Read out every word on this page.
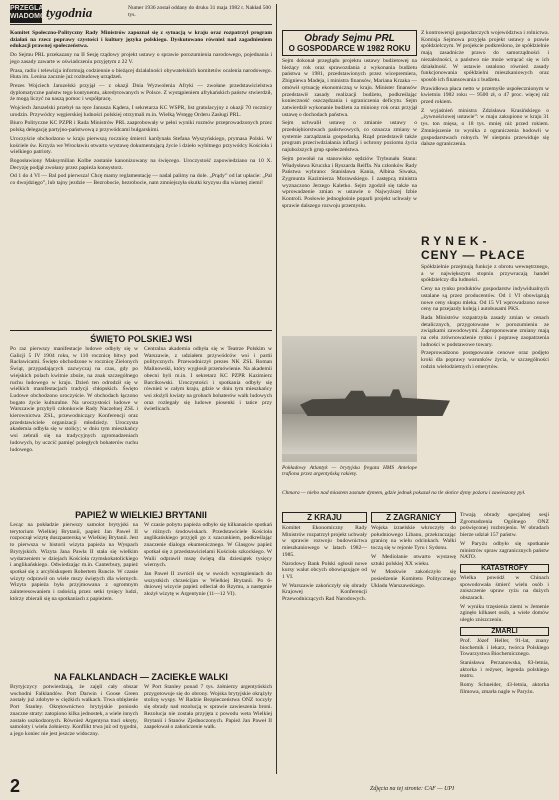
PRZEGLĄD WIADOMOŚCI
tygodnia	Numer 1936 został oddany do druku 31 maja 1982 r. Nakład 500 tys.

Komitet Społeczno-Polityczny Rady Ministrów zapoznał się z sytuacją w kraju oraz rozpatrzył program działań na rzecz poprawy czystości i kultury języka polskiego. Dyskutowano również nad zagadnieniem edukacji prawnej społeczeństwa.

Do Sejmu PRL przekazany na II Sesję rządowy projekt ustawy o sprawie porozumienia narodowego, pojednania i jego zasady zawarte w oświadczeniu przyjętym z 22 V.

Prasa, radio i telewizja informują codziennie o bieżącej działalności obywatelskich komitetów ocalenia narodowego. Huta im. Lenina zacznie już rozbudowę urządzeń.

Prezes Wojciech Jaruzelski przyjął — z okazji Dnia Wyzwolenia Afryki — zwołane przedstawicielstwa dyplomatyczne państw tego kontynentu, akredytowanych w Polsce. Z wystąpieniem afrykańskich państw stwierdził, że mogą liczyć na naszą pomoc i współpracę.

Wojciech Jaruzelski przebył na ręce Janusza Kądera, I sekretarza KC WSPR, list gratulacyjny z okazji 70 rocznicy urodzin. Przywódcy węgierskiej ludności polskiej otrzymali m.in. Wielką Wstęgę Orderu Zasługi PRL.

Biuro Polityczne KC PZPR i Rada Ministrów PRL zaaprobowały w pełni wyniki rozmów przeprowadzonych przez polską delegację partyjno-państwową z przywódcami bułgarskimi.

Uroczyście obchodzono w kraju pierwszą rocznicę śmierci kardynała Stefana Wyszyńskiego, prymasa Polski. W kościele św. Krzyża we Wrocławiu otwarto wystawę dokumentującą życie i dzieło wybitnego przywódcy Kościoła i wielkiego patrioty.

Bogosławiony Maksymilian Kolbe zostanie kanonizowany na święcego. Uroczystość zapowiedziano na 10 X. Decyzję podjął zwołany przez papieża konsystorz.

Od 1 do 4 VI — Bal pod pierwsza! Chcę mamy reglamentację — nadal palimy na dole. „Prądy” od lat upłacie: „Pal co dwojdzięgo”, lub tajny jezdzie — Bezrobocie, bezrobocie, nam zmniejszyła skutki kryzysu dla wiarnej ziemi!

ŚWIĘTO POLSKIEJ WSI

Po raz pierwszy manifestacje ludowe odbyły się w Galicji 5 IV 1904 roku, w 110 rocznicę bitwy pod Racławicami. Święto obchodzone w rocznicę Zielonych Świąt, przypadających zazwyczaj na czas, gdy po wiejskich polach kwitnie zboże, na znak szczególnego ruchu ludowego w kraju. Dzień ten odrodził się w wielkich manifestacjach tradycji chłopskich. Święto Ludowe obchodzono uroczyście. W obchodach łączono bogato życie kulturalne. Na uroczystości ludowe w Warszawie przybyli członkowie Rady Naczelnej ZSL i kierownictwa ZSL, przewodniczący Konferencji oraz przedstawiciele organizacji młodzieży. Uroczysta akademia odbyła się w stolicy; w dniu tym mieszkańcy wsi zebrali się na tradycyjnych zgromadzeniach ludowych, by uczcić pamięć poległych bohaterów ruchu ludowego.

Centralna akademia odbyła się w Teatrze Polskim w Warszawie, z udziałem przywódców wsi i partii politycznych. Przewodniczył prezes NK ZSL Roman Malinowski, który wygłosił przemówienie. Na akademii obecni byli m.in. I sekretarz KC PZPR Kazimierz Barcikowski. Uroczystości i spotkania odbyły się również w całym kraju, gdzie w dniu tym mieszkańcy wsi złożyli kwiaty na grobach bohaterów walk ludowych oraz rozlegały się ludowe piosenki i tańce przy świetlicach.

PAPIEŻ W WIELKIEJ BRYTANII

Lecąc na pokładzie pierwszy samolot brytyjski na terytorium Wielkiej Brytanii, papież Jan Paweł II rozpoczął wizytę duszpasterską w Wielkiej Brytanii. Jest to pierwsza w historii wizyta papieża na Wyspach Brytyjskich. Wizyta Jana Pawła II stała się wielkim wydarzeniem w dziejach Kościoła rzymskokatolickiego i anglikańskiego. Odwiedzając m.in. Canterbury, papież spotkał się z arcybiskupem Robertem Runcie. W czasie wizyty odprawił on wiele mszy świętych dla wiernych. Wizyta papieża była przyjmowana z ogromnym zainteresowaniem i radością przez setki tysięcy ludzi, którzy zbierali się na spotkaniach z papieżem.

W czasie pobytu papieża odbyło się kilkanaście spotkań w różnych środowiskach. Przedstawiciele Kościoła anglikańskiego przyjęli go z szacunkiem, podkreślając znaczenie dialogu ekumenicznego. W Glasgow papież spotkał się z przedstawicielami Kościoła szkockiego. W Walii odprawił mszę świętą dla dziesiątek tysięcy wiernych.

Jan Paweł II zwrócił się w swoich wystąpieniach do wszystkich chrześcijan w Wielkiej Brytanii. Po 6-dniowej wizycie papież odleciał do Rzymu, a następnie złożył wizytę w Argentynie (11—12 VI).

NA FALKLANDACH — ZACIEKŁE WALKI

Brytyjczycy potwierdzają, że zajęli cały obszar wschodni Falklandów. Port Darwin i Goose Green zostały już zdobyte w ciężkich walkach. Trwa oblężenie Port Stanley. Okrętownictwo brytyjskie poniosło znaczne straty: zatopiono kilka jednostek, a wiele innych zostało uszkodzonych. Również Argentyna traci okręty, samoloty i wielu żołnierzy. Konflikt trwa już od tygodni, a jego koniec nie jest jeszcze widoczny.

W Port Stanley ponad 7 tys. żołnierzy argentyńskich przygotowuje się do obrony. Wojska brytyjskie okrążyły stolicę wyspy. W Radzie Bezpieczeństwa ONZ toczyły się obrady nad rezolucją w sprawie zawieszenia broni. Rezolucja nie została przyjęta z powodu weta Wielkiej Brytanii i Stanów Zjednoczonych. Papież Jan Paweł II zaapelował o zakończenie walk.

Obrady Sejmu PRL
O GOSPODARCE W 1982 ROKU

Sejm dokonał przeglądu projektu ustawy budżetowej na bieżący rok oraz sprawozdania z wykonania budżetu państwa w 1981, przedstawionych przez wicepremiera, Zbigniewa Madeja, i ministra finansów, Mariana Krzaka — omówił sytuację ekonomiczną w kraju. Minister finansów przedstawił zasady realizacji budżetu, podkreślając konieczność oszczędzania i ograniczenia deficytu. Sejm zatwierdził wykonanie budżetu za miniony rok oraz przyjął ustawę o dochodach państwa.

Sejm uchwalił ustawę o zmianie ustawy o przedsiębiorstwach państwowych, co oznacza zmiany w systemie zarządzania gospodarką. Rząd przedstawił także program przeciwdziałania inflacji i ochrony poziomu życia najuboższych grup społeczeństwa.

Sejm powołał na stanowisko sędziów Trybunału Stanu: Władysława Kruczka i Ryszarda Reiffa. Na członków Rady Państwa wybrano: Stanisława Kania, Albina Siwaka, Zygmunta Kazimierza Morawskiego. I zastępcą ministra wyznaczono Jerzego Kaletko. Sejm zgodził się także na wprowadzenie zmian w ustawie o Najwyższej Izbie Kontroli. Posłowie jednogłośnie poparli projekt uchwały w sprawie dalszego rozwoju przemysłu.

Z kontrowersji gospodarczych województwa i rolnictwa. Komisja Sejmowa przyjęła projekt ustawy o prawie spółdzielczym. W projekcie podkreślono, że spółdzielnie mają zasadnicze prawo do samorządności i niezależności, a państwo nie może wtrącać się w ich działalność. W ustawie ustalono również zasady funkcjonowania spółdzielni mieszkaniowych oraz sposób ich finansowania z budżetu.

Prawidłowa płaca netto w przemyśle uspołecznionym w kwietniu 1982 roku — 9500 zł, o 47 proc. więcej niż przed rokiem.

Z wyjaśnień ministra Zdzisława Krasińskiego o „żywnościowej ustawie”: w maju zakupiono w kraju 31 tys. ton mięsa, o 18 tys. mniej niż przed rokiem. Zmniejszenie to wynika z ograniczenia hodowli w gospodarstwach rolnych. W sierpniu przewiduje się dalsze ograniczenia.

RYNEK-
CENY — PŁACE

Spółdzielnie przejmują funkcje z obrotu wewnętrznego, a w największym stopniu przywracają handel spółdzielczy dla ludności.

Ceny na rynku produktów gospodarstw indywidualnych ustalane są przez producentów. Od 1 VI obowiązują nowe ceny skupu mleka. Od 15 VI wprowadzono nowe ceny na przejazdy koleją i autobusami PKS.

Rada Ministrów rozpatrzyła zasady zmian w cenach detalicznych, przygotowane w porozumieniu ze związkami zawodowymi. Zaproponowane zmiany mają na celu zrównoważenie rynku i poprawę zaopatrzenia ludności w podstawowe towary.

Przeprowadzono postępowanie cenowe oraz podjęto kroki dla poprawy warunków życia, w szczególności rodzin wielodzietnych i emerytów.

Pokładowy Atlantyk — brytyjska fregata HMS Antelope trafiona przez argentyńską rakietę.
Chmara — niebo nad miastem zasnute dymem, gdzie jednak pokazał na tle słońce dymy pożaru i zawieszony pył.
Z KRAJU

Komitet Ekonomiczny Rady Ministrów rozpatrzył projekt uchwały w sprawie rozwoju budownictwa mieszkaniowego w latach 1982—1985.

Narodowy Bank Polski ogłosił nowe kursy walut obcych obowiązujące od 1 VI.

W Warszawie zakończyły się obrady Krajowej Konferencji Przewodniczących Rad Narodowych.

Z ZAGRANICY

Wojska izraelskie wkroczyły do południowego Libanu, przekraczając granicę na wielu odcinkach. Walki toczą się w rejonie Tyru i Sydonu.

W Mediolanie otwarto wystawę sztuki polskiej XX wieku.

W Moskwie zakończyło się posiedzenie Komitetu Politycznego Układu Warszawskiego.

Trwają obrady specjalnej sesji Zgromadzenia Ogólnego ONZ poświęconej rozbrojeniu. W obradach bierze udział 157 państw.

W Paryżu odbyło się spotkanie ministrów spraw zagranicznych państw NATO.

KATASTROFY

Wielka powódź w Chinach spowodowała śmierć wielu osób i zniszczenie upraw ryżu na dużych obszarach.

W wyniku trzęsienia ziemi w Jemenie zginęło kilkaset osób, a wiele domów uległo zniszczeniu.

ZMARLI

Prof. Józef Heller, 91-lat, znany biochemik i lekarz, twórca Polskiego Towarzystwa Biochemicznego.

Stanisława Perzanowska, 83-letnia, aktorka i reżyser, legenda polskiego teatru.

Romy Schneider, 43-letnia, aktorka filmowa, zmarła nagle w Paryżu.

2	Zdjęcia na tej stronie: CAF — UPI
